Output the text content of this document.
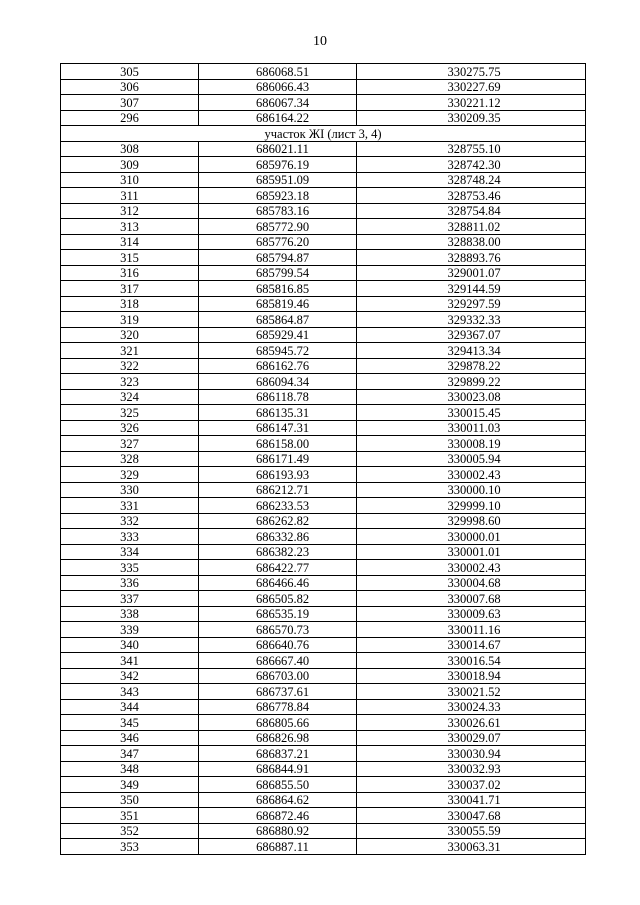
10
305	686068.51	330275.75
306	686066.43	330227.69
307	686067.34	330221.12
296	686164.22	330209.35
участок ЖІ (лист 3, 4)		
308	686021.11	328755.10
309	685976.19	328742.30
310	685951.09	328748.24
311	685923.18	328753.46
312	685783.16	328754.84
313	685772.90	328811.02
314	685776.20	328838.00
315	685794.87	328893.76
316	685799.54	329001.07
317	685816.85	329144.59
318	685819.46	329297.59
319	685864.87	329332.33
320	685929.41	329367.07
321	685945.72	329413.34
322	686162.76	329878.22
323	686094.34	329899.22
324	686118.78	330023.08
325	686135.31	330015.45
326	686147.31	330011.03
327	686158.00	330008.19
328	686171.49	330005.94
329	686193.93	330002.43
330	686212.71	330000.10
331	686233.53	329999.10
332	686262.82	329998.60
333	686332.86	330000.01
334	686382.23	330001.01
335	686422.77	330002.43
336	686466.46	330004.68
337	686505.82	330007.68
338	686535.19	330009.63
339	686570.73	330011.16
340	686640.76	330014.67
341	686667.40	330016.54
342	686703.00	330018.94
343	686737.61	330021.52
344	686778.84	330024.33
345	686805.66	330026.61
346	686826.98	330029.07
347	686837.21	330030.94
348	686844.91	330032.93
349	686855.50	330037.02
350	686864.62	330041.71
351	686872.46	330047.68
352	686880.92	330055.59
353	686887.11	330063.31
